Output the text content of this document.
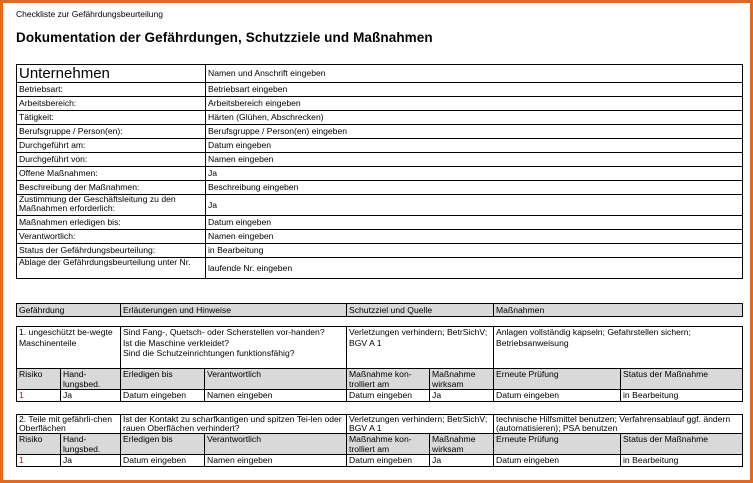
Checkliste zur Gefährdungsbeurteilung
Dokumentation der Gefährdungen, Schutzziele und Maßnahmen
Unternehmen	Namen und Anschrift eingeben
Betriebsart:	Betriebsart eingeben
Arbeitsbereich:	Arbeitsbereich eingeben
Tätigkeit:	Härten (Glühen, Abschrecken)
Berufsgruppe / Person(en):	Berufsgruppe / Person(en) eingeben
Durchgeführt am:	Datum eingeben
Durchgeführt von:	Namen eingeben
Offene Maßnahmen:	Ja
Beschreibung der Maßnahmen:	Beschreibung eingeben
Zustimmung der Geschäftsleitung zu den Maßnahmen erforderlich:	Ja
Maßnahmen erledigen bis:	Datum eingeben
Verantwortlich:	Namen eingeben
Status der Gefährdungsbeurteilung:	in Bearbeitung
Ablage der Gefährdungsbeurteilung unter Nr.	laufende Nr. eingeben
Gefährdung	Erläuterungen und Hinweise	Schutzziel und Quelle	Maßnahmen
1. ungeschützt be-wegte Maschinenteile		Sind Fang-, Quetsch- oder Scherstellen vor-handen?
Ist die Maschine verkleidet?
Sind die Schutzeinrichtungen funktionsfähig?		Verletzungen verhindern; BetrSichV; BGV A 1		Anlagen vollständig kapseln; Gefahrstellen sichern; Betriebsanweisung	
Risiko	Hand-lungsbed.	Erledigen bis	Verantwortlich	Maßnahme kon-trolliert am	Maßnahme wirksam	Erneute Prüfung	Status der Maßnahme
1	Ja	Datum eingeben	Namen eingeben	Datum eingeben	Ja	Datum eingeben	in Bearbeitung
2. Teile mit gefährli-chen Oberflächen		Ist der Kontakt zu scharfkantigen und spitzen Tei-len oder rauen Oberflächen verhindert?		Verletzungen verhindern; BetrSichV; BGV A 1		technische Hilfsmittel benutzen; Verfahrensablauf ggf. ändern (automatisieren); PSA benutzen	
Risiko	Hand-lungsbed.	Erledigen bis	Verantwortlich	Maßnahme kon-trolliert am	Maßnahme wirksam	Erneute Prüfung	Status der Maßnahme
1	Ja	Datum eingeben	Namen eingeben	Datum eingeben	Ja	Datum eingeben	in Bearbeitung
